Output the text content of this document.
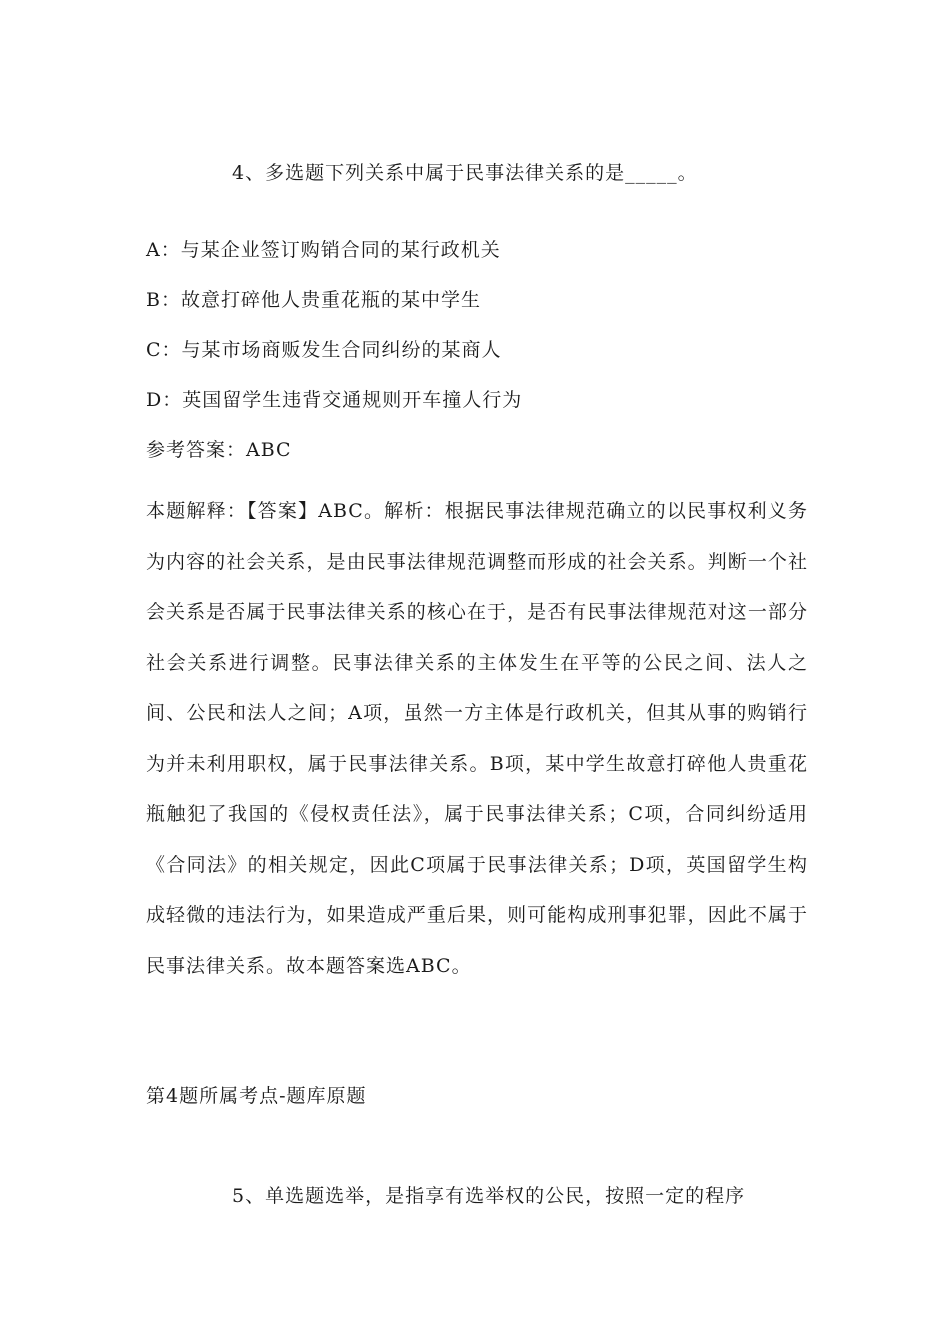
4、多选题下列关系中属于民事法律关系的是_____。
A：与某企业签订购销合同的某行政机关
B：故意打碎他人贵重花瓶的某中学生
C：与某市场商贩发生合同纠纷的某商人
D：英国留学生违背交通规则开车撞人行为
参考答案：ABC
本题解释：【答案】ABC。解析：根据民事法律规范确立的以民事权利义务为内容的社会关系，是由民事法律规范调整而形成的社会关系。判断一个社会关系是否属于民事法律关系的核心在于，是否有民事法律规范对这一部分社会关系进行调整。民事法律关系的主体发生在平等的公民之间、法人之间、公民和法人之间；A项，虽然一方主体是行政机关，但其从事的购销行为并未利用职权，属于民事法律关系。B项，某中学生故意打碎他人贵重花瓶触犯了我国的《侵权责任法》，属于民事法律关系；C项，合同纠纷适用《合同法》的相关规定，因此C项属于民事法律关系；D项，英国留学生构成轻微的违法行为，如果造成严重后果，则可能构成刑事犯罪，因此不属于民事法律关系。故本题答案选ABC。
第4题所属考点-题库原题
5、单选题选举，是指享有选举权的公民，按照一定的程序
